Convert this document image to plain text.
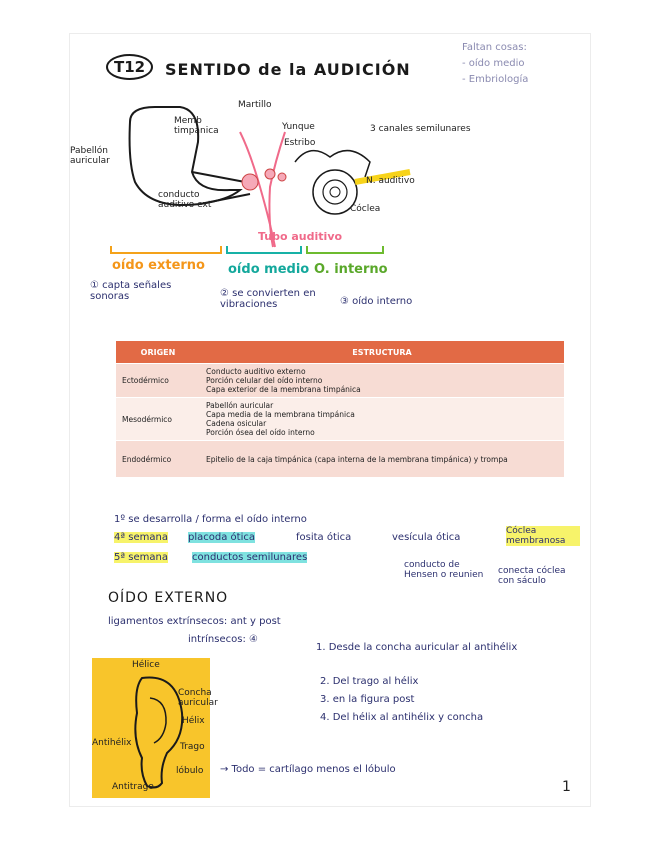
T12	SENTIDO de la AUDICIÓN
Faltan cosas:
- oído medio
- Embriología
Martillo
Memb timpánica	Yunque
Estribo
3 canales semilunares
Pabellón auricular
conducto auditivo ext
N. auditivo
Cóclea
Tubo auditivo
oído externo oído medio O. interno
① capta señales sonoras	② se convierten en vibraciones	③ oído interno
ORIGEN	ESTRUCTURA
Ectodérmico	Conducto auditivo externo
Porción celular del oído interno
Capa exterior de la membrana timpánica

Mesodérmico	Pabellón auricular
Capa media de la membrana timpánica
Cadena osicular
Porción ósea del oído interno

Endodérmico	Epitelio de la caja timpánica (capa interna de la membrana timpánica) y trompa
1º se desarrolla / forma el oído interno
4ª semana placoda ótica	fosita ótica	vesícula ótica
Cóclea membranosa
5ª semana conductos semilunares
conducto de Hensen o reunien	conecta cóclea con sáculo
OÍDO EXTERNO
ligamentos extrínsecos: ant y post
intrínsecos: ④
1. Desde la concha auricular al antihélix
2. Del trago al hélix
3. en la figura post
4. Del hélix al antihélix y concha
Hélice
Concha auricular
Hélix
Antihélix	Trago
Antitrago
lóbulo → Todo = cartílago menos el lóbulo
1
